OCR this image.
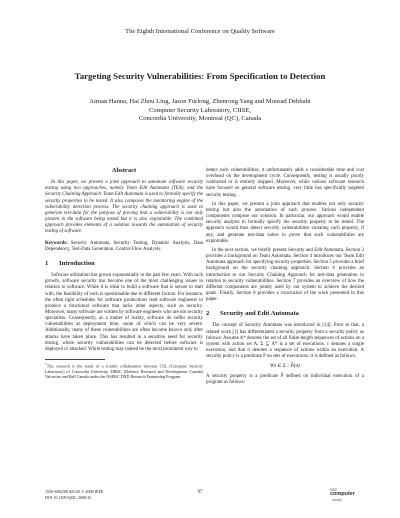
The Eighth International Conference on Quality Software
Targeting Security Vulnerabilities: From Specification to Detection
Aiman Hanna, Hai Zhou Ling, Jason Furlong, Zhenrong Yang and Mourad Debbabi
Computer Security Laboratory, CIISE,
Concordia University, Montreal (QC), Canada
Abstract

In this paper, we present a joint approach to automate software security testing using two approaches, namely Team Edit Automata (TEA), and the Security Chaining Approach. Team Edit Automata is used to formally specify the security properties to be tested. It also composes the monitoring engine of the vulnerability detection process. The security chaining approach is used to generate test-data for the purpose of proving that a vulnerability is not only present in the software being tested but it is also exploitable. The combined approach provides elements of a solution towards the automation of security testing of software.

Keywords: Security Automata, Security Testing, Dynamic Analysis, Data Dependency, Test-Data Generation, Control Flow Analysis.

1 Introduction

Software utilization has grown exponentially in the past few years. With such growth, software security has become one of the most challenging issues in relation to software. While it is ideal to build a software that is secure to start with, the feasibility of such is questionable due to different factors. For instance, the often tight schedules for software productions lead software engineers to produce a functional software that lacks other aspects, such as security. Moreover, many software are written by software engineers who are not security specialists. Consequently, as a matter of reality, software do suffer security vulnerabilities at deployment time, some of which can be very severe. Additionally, many of these vulnerabilities are often become known only after attacks have taken place. This has resulted in a sensitive need for security testing, where security vulnerabilities can be detected before software is deployed or attacked. While testing may indeed be the most prominent way to

*This research is the result of a fruitful collaboration between CSL (Computer Security Laboratory) of Concordia University, DRDC (Defence Research and Development Canada) Valcartier and Bell Canada under the NSERC DND Research Partnership Program.

detect such vulnerabilities, it unfortunately adds a considerable time and cost overhead on the development cycle. Consequently, testing is usually poorly conducted or is entirely skipped. Moreover, while various software research have focused on general software testing, very little has specifically targeted security testing.

In this paper, we present a joint approach that enables not only security testing but also the automation of such process. Various independent components compose our solution. In particular, our approach would enable security analysts to formally specify the security property to be tested. The approach would then detect security vulnerabilities violating such property, if any, and generate test-data suites to prove that such vulnerabilities are exploitable.

In the next section, we briefly present Security and Edit Automata. Section 3 provides a background on Team Automata. Section 4 introduces our Team Edit Automata approach for specifying security properties. Section 5 provides a brief background on the security chaining approach. Section 6 provides an introduction to our Security Chaining Approach for test-data generation in relation to security vulnerabilities. Section 7 provides an overview of how the different components are jointly used by our system to achieve the desired goals. Finally, Section 8 provides a conclusion of the work presented in this paper.

2 Security and Edit Automata

The concept of Security Automata was introduced in [14]. Prior to that, a related work [1] has differentiated a security property from a security policy as follows: Assume A* denotes the set of all finite-length sequences of actions on a system with action set A, Σ ⊆ A* is a set of executions, ε denotes a single execution, and that σ denotes a sequence of actions within an execution. A security policy is a predicate P on sets of executions; it is defined as follows:

∀σ ∈ Σ : P̂(σ)

A security property is a predicate P̂ defined on individual execution of a program as follows:

1550-6002/08 $25.00 © 2008 IEEE
DOI 10.1109/QSIC.2008.35
97	IEEE
computer
society
